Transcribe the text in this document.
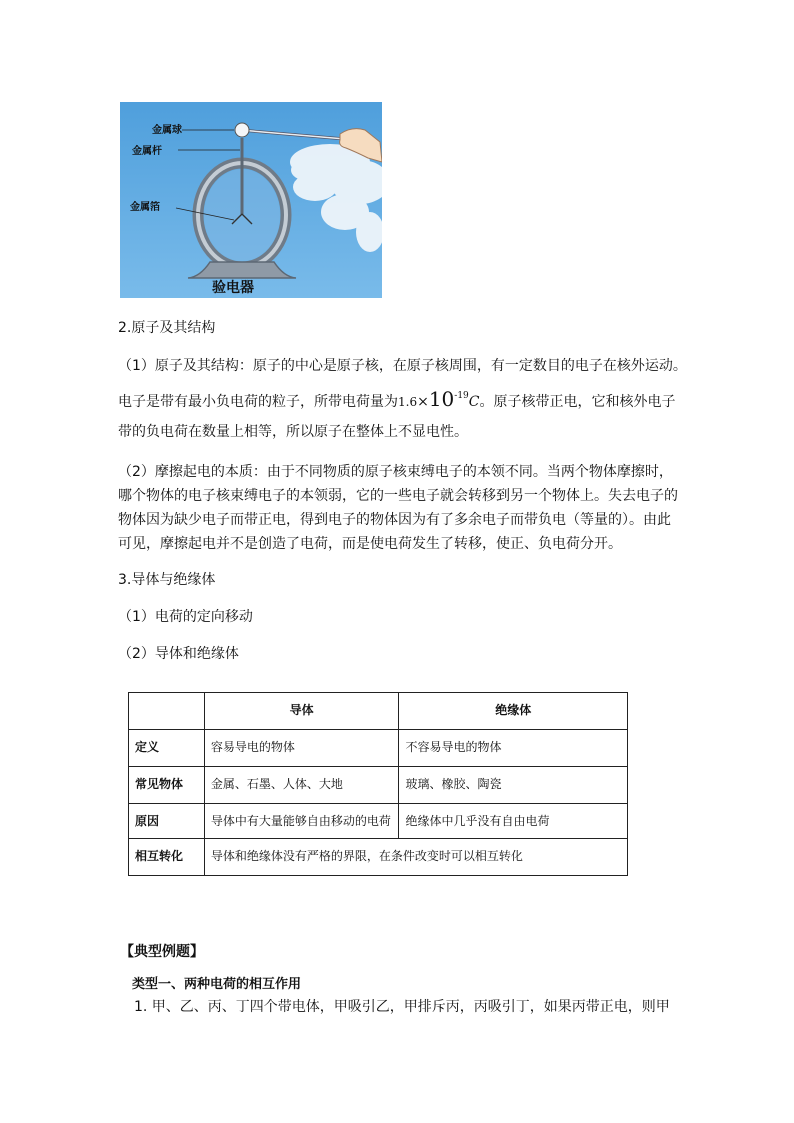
金属球
金属杆
金属箔
验电器
2.原子及其结构
（1）原子及其结构：原子的中心是原子核，在原子核周围，有一定数目的电子在核外运动。
电子是带有最小负电荷的粒子，所带电荷量为$1.6\times 10^{-19}C$。原子核带正电，它和核外电子
带的负电荷在数量上相等，所以原子在整体上不显电性。
（2）摩擦起电的本质：由于不同物质的原子核束缚电子的本领不同。当两个物体摩擦时，
哪个物体的电子核束缚电子的本领弱，它的一些电子就会转移到另一个物体上。失去电子的
物体因为缺少电子而带正电，得到电子的物体因为有了多余电子而带负电（等量的）。由此
可见，摩擦起电并不是创造了电荷，而是使电荷发生了转移，使正、负电荷分开。
3.导体与绝缘体
（1）电荷的定向移动
（2）导体和绝缘体
	导体	绝缘体
定义	容易导电的物体	不容易导电的物体
常见物体	金属、石墨、人体、大地	玻璃、橡胶、陶瓷
原因	导体中有大量能够自由移动的电荷	绝缘体中几乎没有自由电荷
相互转化	导体和绝缘体没有严格的界限，在条件改变时可以相互转化	
【典型例题】
类型一、两种电荷的相互作用
1. 甲、乙、丙、丁四个带电体，甲吸引乙，甲排斥丙，丙吸引丁，如果丙带正电，则甲
